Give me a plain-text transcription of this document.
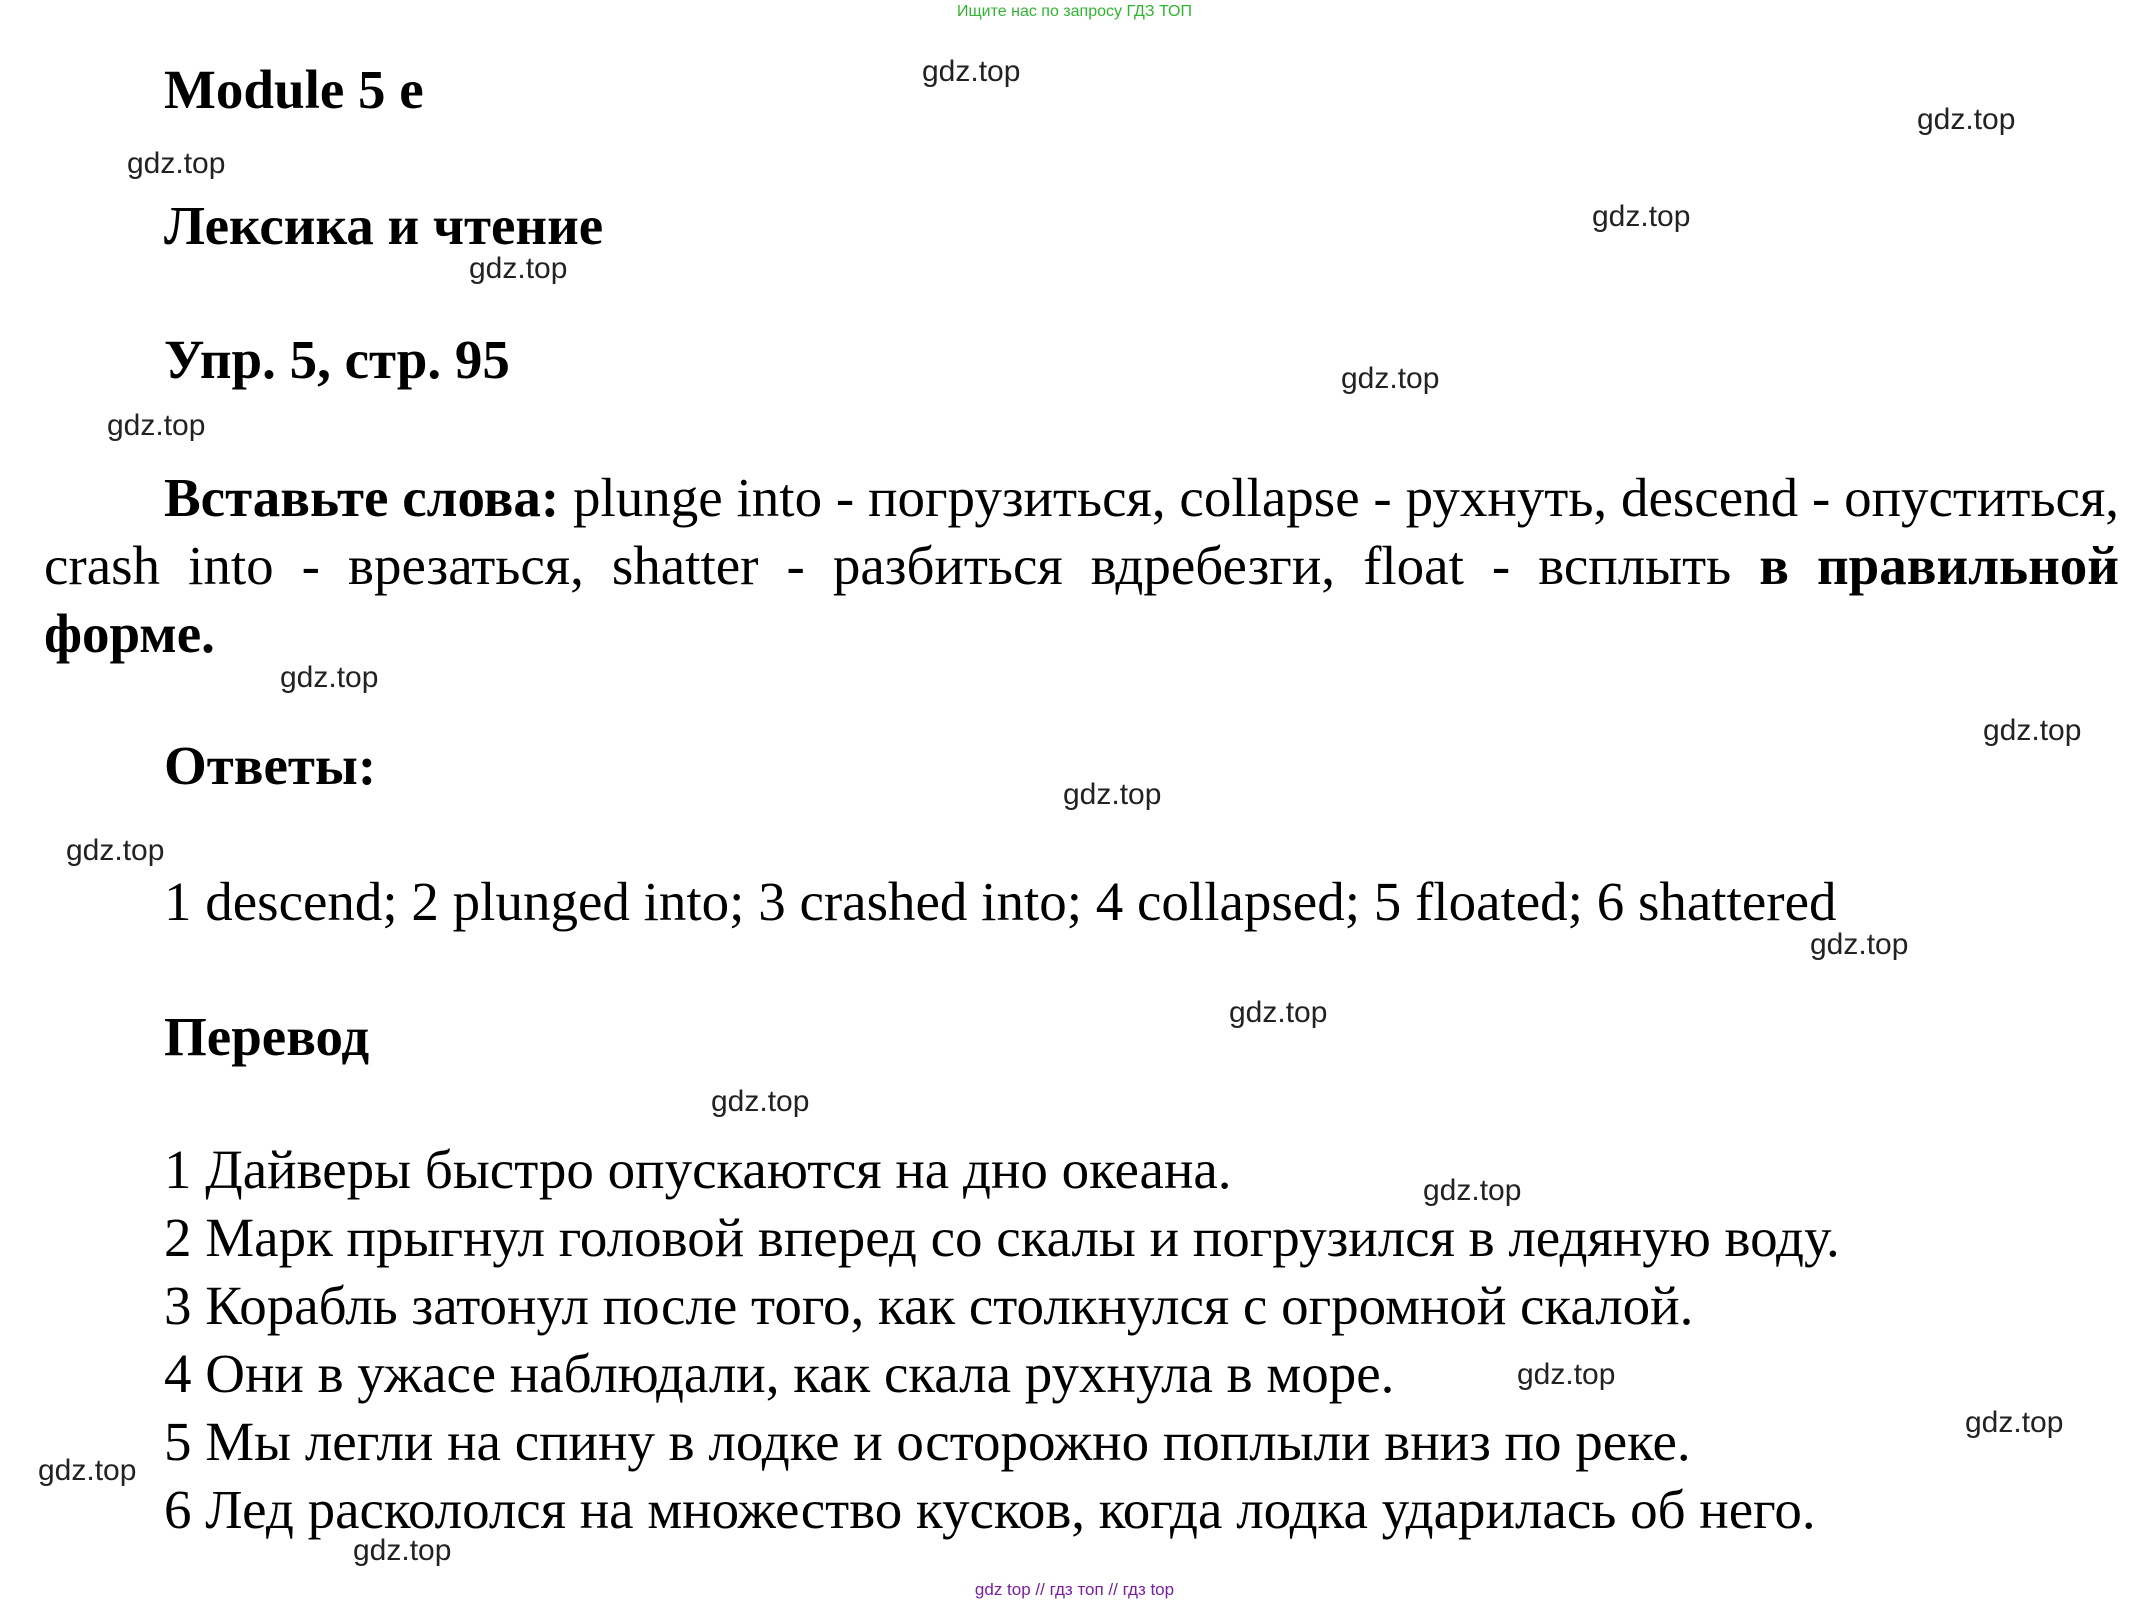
Ищите нас по запросу ГДЗ ТОП
Module 5 e
Лексика и чтение
Упр. 5, стр. 95
Вставьте слова: plunge into - погрузиться, collapse - рухнуть, descend - опуститься, crash into - врезаться, shatter - разбиться вдребезги, float - всплыть в правильной форме.
Ответы:
1 descend; 2 plunged into; 3 crashed into; 4 collapsed; 5 floated; 6 shattered
Перевод
1 Дайверы быстро опускаются на дно океана.
2 Марк прыгнул головой вперед со скалы и погрузился в ледяную воду.
3 Корабль затонул после того, как столкнулся с огромной скалой.
4 Они в ужасе наблюдали, как скала рухнула в море.
5 Мы легли на спину в лодке и осторожно поплыли вниз по реке.
6 Лед раскололся на множество кусков, когда лодка ударилась об него.
gdz.top
gdz.top
gdz.top
gdz.top
gdz.top
gdz.top
gdz.top
gdz.top
gdz.top
gdz.top
gdz.top
gdz.top
gdz.top
gdz.top
gdz.top
gdz.top
gdz.top
gdz.top
gdz.top
gdz top // гдз топ // гдз top
